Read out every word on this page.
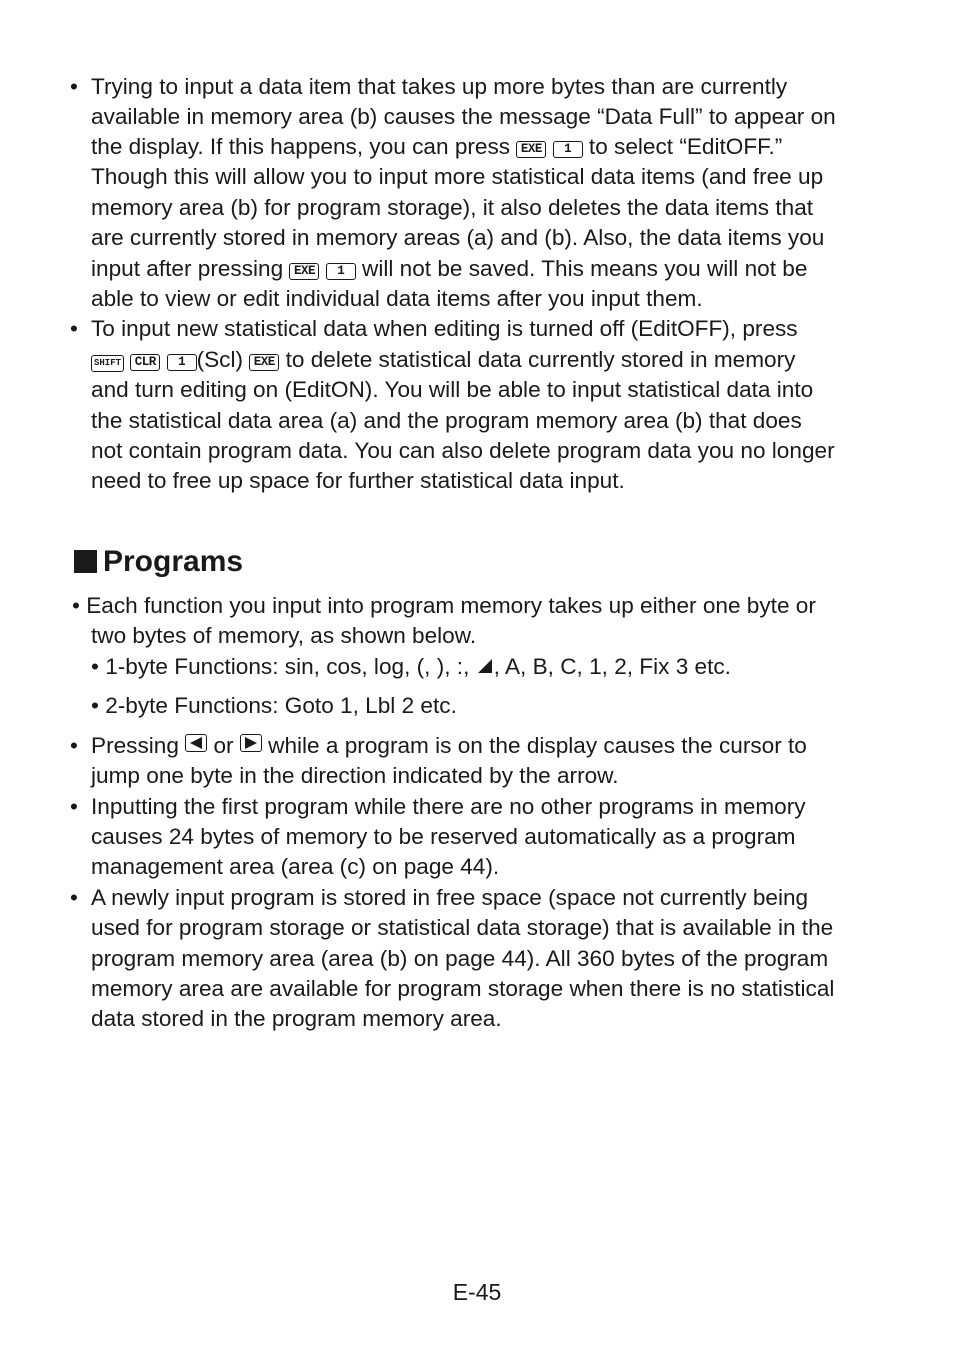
• Trying to input a data item that takes up more bytes than are currently
available in memory area (b) causes the message “Data Full” to appear on
the display. If this happens, you can press EXE 1 to select “EditOFF.”
Though this will allow you to input more statistical data items (and free up
memory area (b) for program storage), it also deletes the data items that
are currently stored in memory areas (a) and (b). Also, the data items you
input after pressing EXE 1 will not be saved. This means you will not be
able to view or edit individual data items after you input them.
• To input new statistical data when editing is turned off (EditOFF), press
SHIFT CLR 1 (Scl) EXE to delete statistical data currently stored in memory
and turn editing on (EditON). You will be able to input statistical data into
the statistical data area (a) and the program memory area (b) that does
not contain program data. You can also delete program data you no longer
need to free up space for further statistical data input.
Programs
• Each function you input into program memory takes up either one byte or
two bytes of memory, as shown below.
• 1-byte Functions: sin, cos, log, (, ), :, , A, B, C, 1, 2, Fix 3 etc.
• 2-byte Functions: Goto 1, Lbl 2 etc.
• Pressing or while a program is on the display causes the cursor to
jump one byte in the direction indicated by the arrow.
• Inputting the first program while there are no other programs in memory
causes 24 bytes of memory to be reserved automatically as a program
management area (area (c) on page 44).
• A newly input program is stored in free space (space not currently being
used for program storage or statistical data storage) that is available in the
program memory area (area (b) on page 44). All 360 bytes of the program
memory area are available for program storage when there is no statistical
data stored in the program memory area.
E-45
